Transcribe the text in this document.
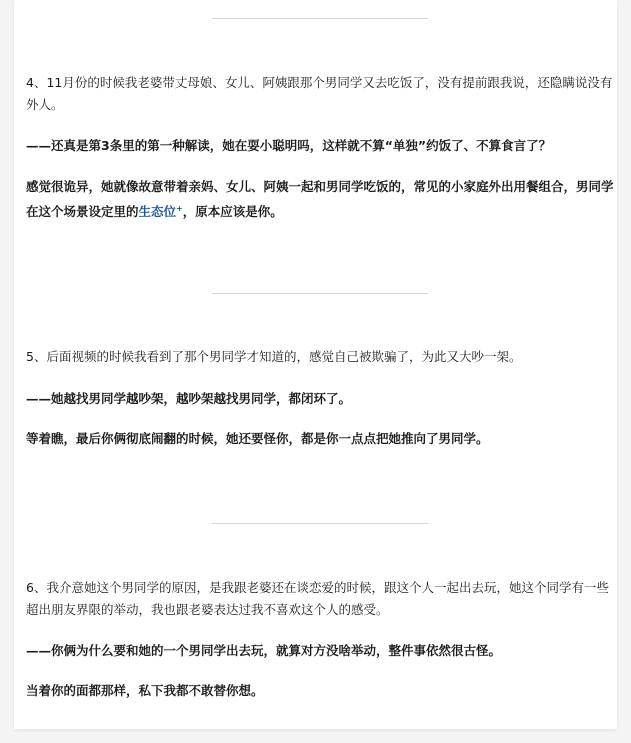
4、11月份的时候我老婆带丈母娘、女儿、阿姨跟那个男同学又去吃饭了，没有提前跟我说，还隐瞒说没有外人。

——还真是第3条里的第一种解读，她在耍小聪明吗，这样就不算“单独”约饭了、不算食言了？

感觉很诡异，她就像故意带着亲妈、女儿、阿姨一起和男同学吃饭的，常见的小家庭外出用餐组合，男同学在这个场景设定里的生态位+，原本应该是你。

5、后面视频的时候我看到了那个男同学才知道的，感觉自己被欺骗了，为此又大吵一架。

——她越找男同学越吵架，越吵架越找男同学，都闭环了。

等着瞧，最后你俩彻底闹翻的时候，她还要怪你，都是你一点点把她推向了男同学。

6、我介意她这个男同学的原因，是我跟老婆还在谈恋爱的时候，跟这个人一起出去玩，她这个同学有一些超出朋友界限的举动，我也跟老婆表达过我不喜欢这个人的感受。

——你俩为什么要和她的一个男同学出去玩，就算对方没啥举动，整件事依然很古怪。

当着你的面都那样，私下我都不敢替你想。
